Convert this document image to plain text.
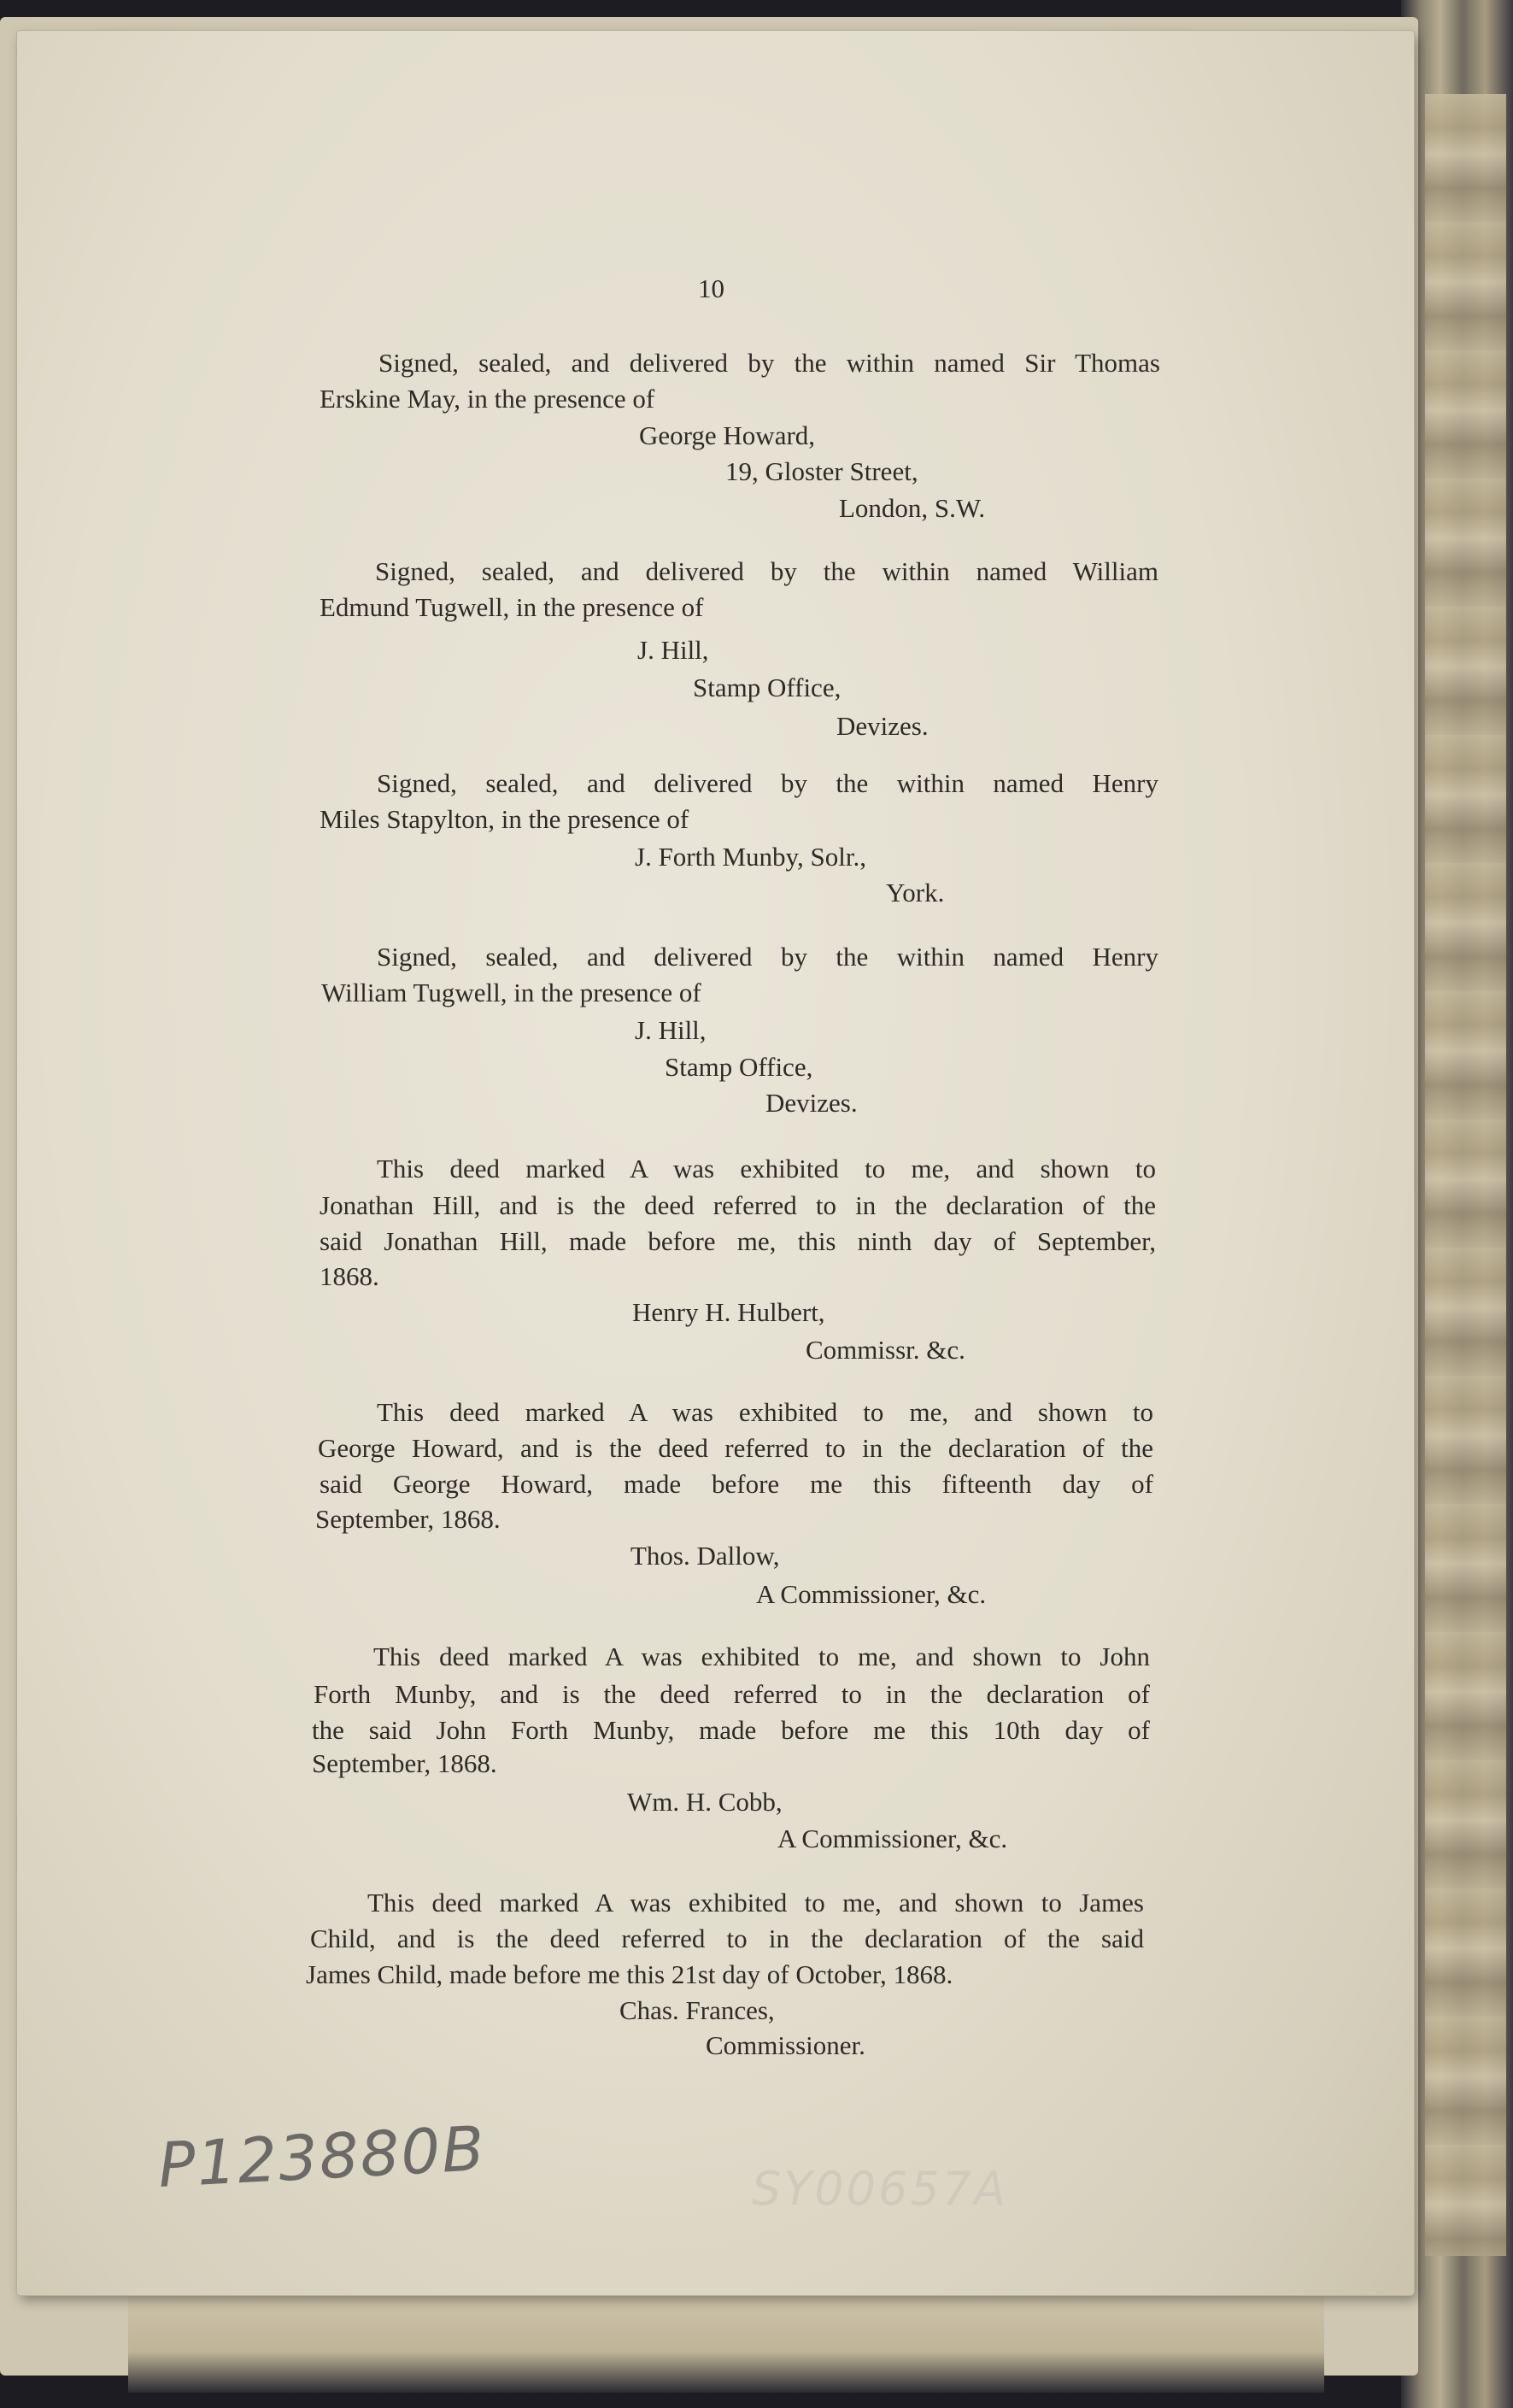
10
Signed, sealed, and delivered by the within named Sir Thomas
Erskine May, in the presence of
George Howard,
19, Gloster Street,
London, S.W.
Signed, sealed, and delivered by the within named William
Edmund Tugwell, in the presence of
J. Hill,
Stamp Office,
Devizes.
Signed, sealed, and delivered by the within named Henry
Miles Stapylton, in the presence of
J. Forth Munby, Solr.,
York.
Signed, sealed, and delivered by the within named Henry
William Tugwell, in the presence of
J. Hill,
Stamp Office,
Devizes.
This deed marked A was exhibited to me, and shown to
Jonathan Hill, and is the deed referred to in the declaration of the
said Jonathan Hill, made before me, this ninth day of September,
1868.
Henry H. Hulbert,
Commissr. &c.
This deed marked A was exhibited to me, and shown to
George Howard, and is the deed referred to in the declaration of the
said George Howard, made before me this fifteenth day of
September, 1868.
Thos. Dallow,
A Commissioner, &c.
This deed marked A was exhibited to me, and shown to John
Forth Munby, and is the deed referred to in the declaration of
the said John Forth Munby, made before me this 10th day of
September, 1868.
Wm. H. Cobb,
A Commissioner, &c.
This deed marked A was exhibited to me, and shown to James
Child, and is the deed referred to in the declaration of the said
James Child, made before me this 21st day of October, 1868.
Chas. Frances,
Commissioner.
P123880B	SY00657A
